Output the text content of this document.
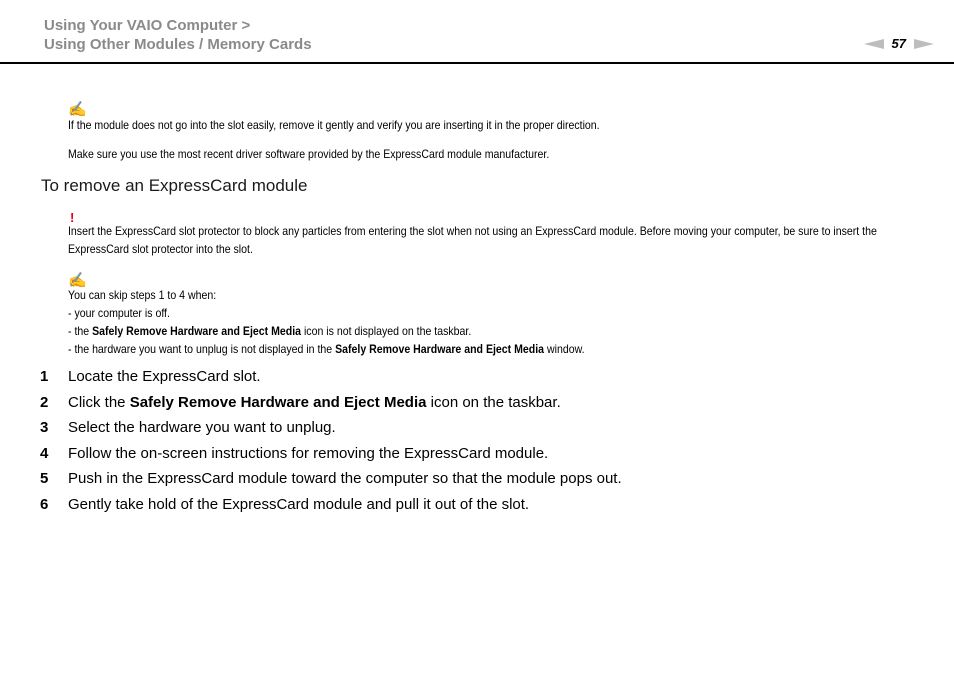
Using Your VAIO Computer >
Using Other Modules / Memory Cards	57
✍
If the module does not go into the slot easily, remove it gently and verify you are inserting it in the proper direction.
Make sure you use the most recent driver software provided by the ExpressCard module manufacturer.
To remove an ExpressCard module
!
Insert the ExpressCard slot protector to block any particles from entering the slot when not using an ExpressCard module. Before moving your computer, be sure to insert the ExpressCard slot protector into the slot.
✍
You can skip steps 1 to 4 when:
- your computer is off.
- the Safely Remove Hardware and Eject Media icon is not displayed on the taskbar.
- the hardware you want to unplug is not displayed in the Safely Remove Hardware and Eject Media window.
1	Locate the ExpressCard slot.
2	Click the Safely Remove Hardware and Eject Media icon on the taskbar.
3	Select the hardware you want to unplug.
4	Follow the on-screen instructions for removing the ExpressCard module.
5	Push in the ExpressCard module toward the computer so that the module pops out.
6	Gently take hold of the ExpressCard module and pull it out of the slot.
